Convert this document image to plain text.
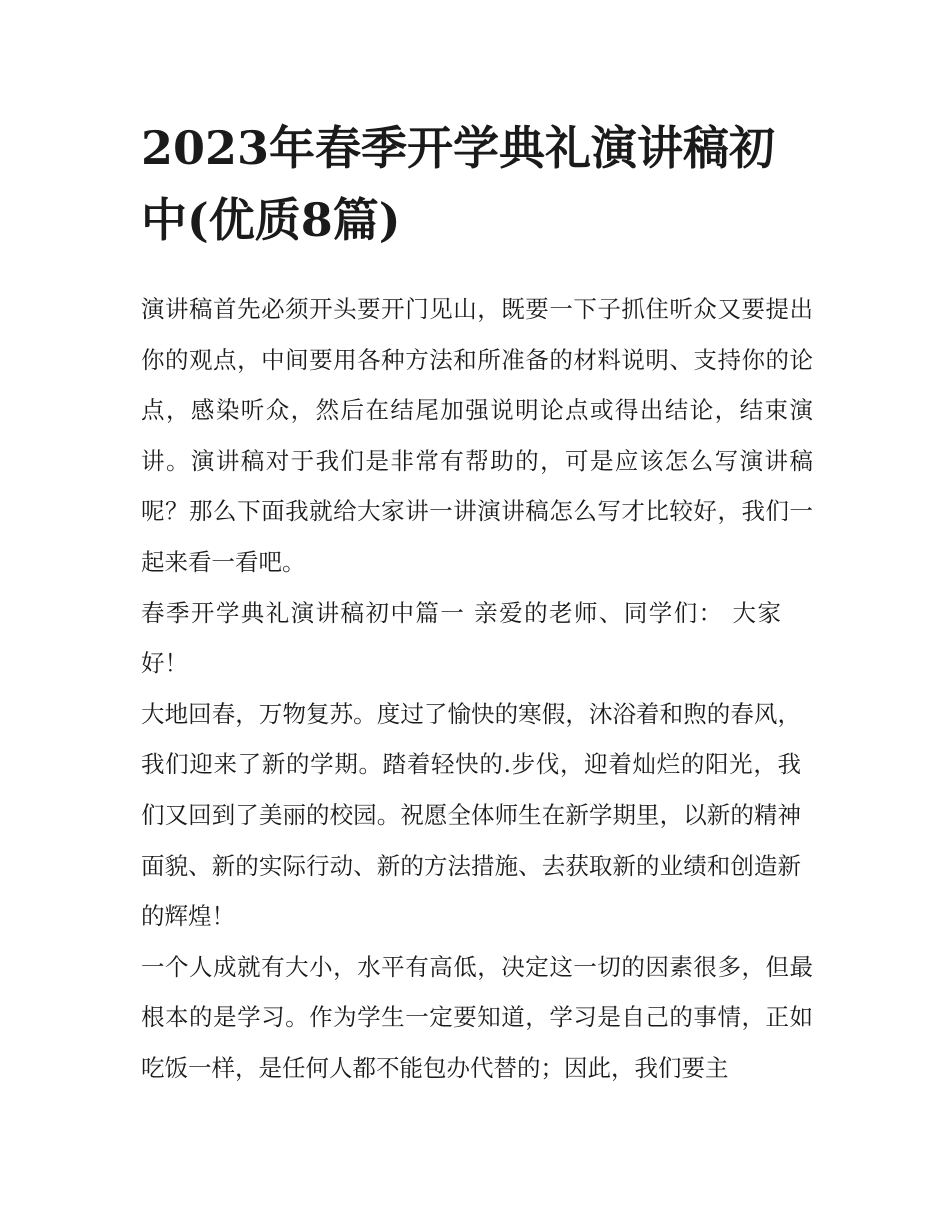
2023年春季开学典礼演讲稿初中(优质8篇)

演讲稿首先必须开头要开门见山，既要一下子抓住听众又要提出你的观点，中间要用各种方法和所准备的材料说明、支持你的论点，感染听众，然后在结尾加强说明论点或得出结论，结束演讲。演讲稿对于我们是非常有帮助的，可是应该怎么写演讲稿呢？那么下面我就给大家讲一讲演讲稿怎么写才比较好，我们一起来看一看吧。

春季开学典礼演讲稿初中篇一 亲爱的老师、同学们： 大家好！

大地回春，万物复苏。度过了愉快的寒假，沐浴着和煦的春风，我们迎来了新的学期。踏着轻快的.步伐，迎着灿烂的阳光，我们又回到了美丽的校园。祝愿全体师生在新学期里，以新的精神面貌、新的实际行动、新的方法措施、去获取新的业绩和创造新的辉煌！

一个人成就有大小，水平有高低，决定这一切的因素很多，但最根本的是学习。作为学生一定要知道，学习是自己的事情，正如吃饭一样，是任何人都不能包办代替的；因此，我们要主
